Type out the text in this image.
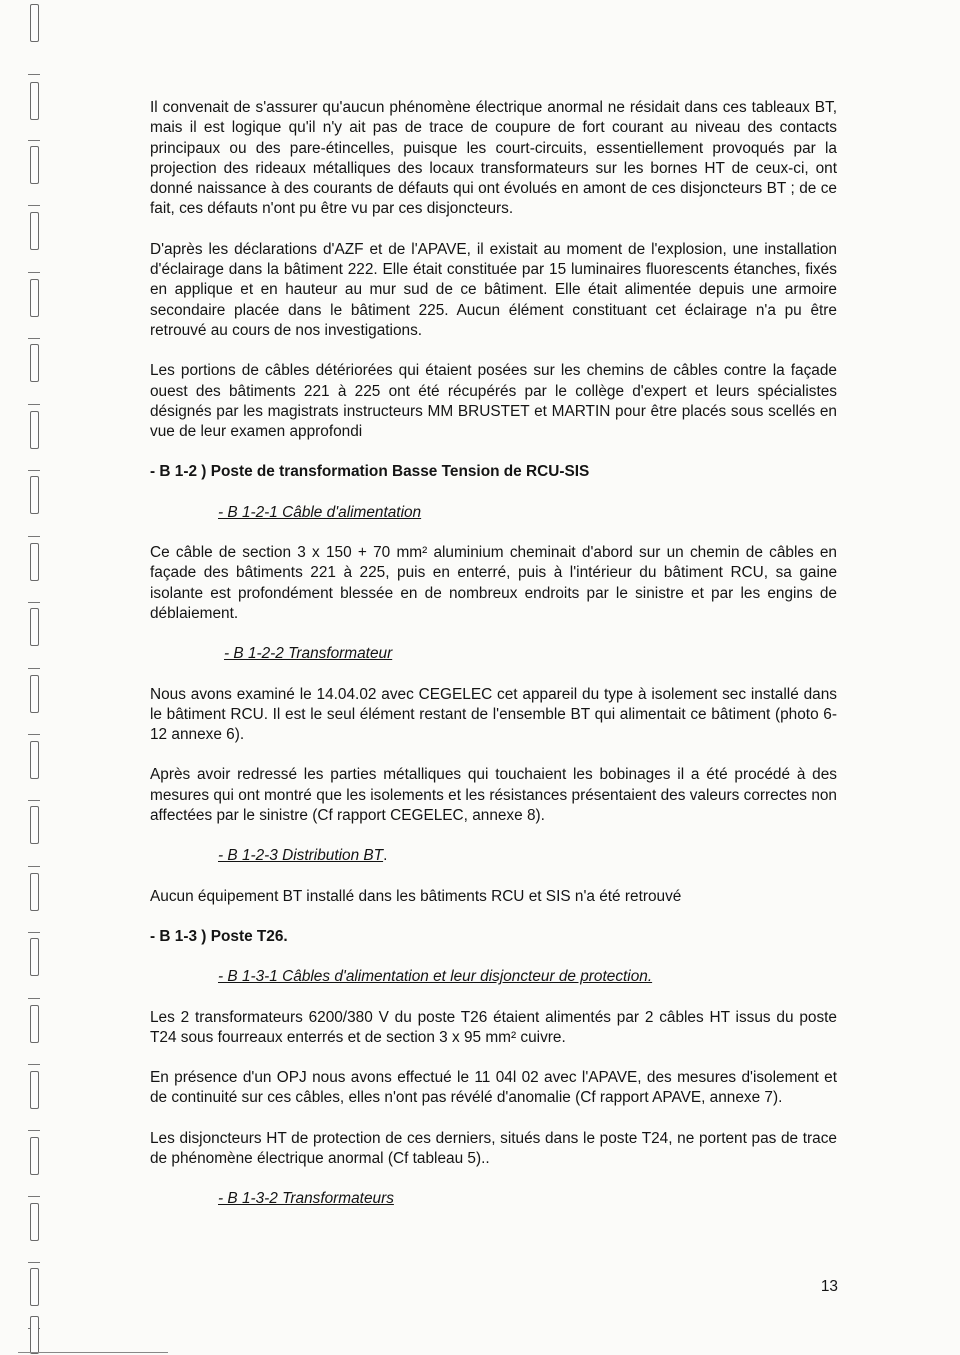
Il convenait de s'assurer qu'aucun phénomène électrique anormal ne résidait dans ces tableaux BT, mais il est logique qu'il n'y ait pas de trace de coupure de fort courant au niveau des contacts principaux ou des pare-étincelles, puisque les court-circuits, essentiellement provoqués par la projection des rideaux métalliques des locaux transformateurs sur les bornes HT de ceux-ci, ont donné naissance à des courants de défauts qui ont évolués en amont de ces disjoncteurs BT ; de ce fait, ces défauts n'ont pu être vu par ces disjoncteurs.

D'après les déclarations d'AZF et de l'APAVE, il existait au moment de l'explosion, une installation d'éclairage dans la bâtiment 222. Elle était constituée par 15 luminaires fluorescents étanches, fixés en applique et en hauteur au mur sud de ce bâtiment. Elle était alimentée depuis une armoire secondaire placée dans le bâtiment 225. Aucun élément constituant cet éclairage n'a pu être retrouvé au cours de nos investigations.

Les portions de câbles détériorées qui étaient posées sur les chemins de câbles contre la façade ouest des bâtiments 221 à 225 ont été récupérés par le collège d'expert et leurs spécialistes désignés par les magistrats instructeurs MM BRUSTET et MARTIN pour être placés sous scellés en vue de leur examen approfondi

- B 1-2 ) Poste de transformation Basse Tension de RCU-SIS

- B 1-2-1 Câble d'alimentation

Ce câble de section 3 x 150 + 70 mm² aluminium cheminait d'abord sur un chemin de câbles en façade des bâtiments 221 à 225, puis en enterré, puis à l'intérieur du bâtiment RCU, sa gaine isolante est profondément blessée en de nombreux endroits par le sinistre et par les engins de déblaiement.

- B 1-2-2 Transformateur

Nous avons examiné le 14.04.02 avec CEGELEC cet appareil du type à isolement sec installé dans le bâtiment RCU. Il est le seul élément restant de l'ensemble BT qui alimentait ce bâtiment (photo 6-12 annexe 6).

Après avoir redressé les parties métalliques qui touchaient les bobinages il a été procédé à des mesures qui ont montré que les isolements et les résistances présentaient des valeurs correctes non affectées par le sinistre (Cf rapport CEGELEC, annexe 8).

- B 1-2-3 Distribution BT.

Aucun équipement BT installé dans les bâtiments RCU et SIS n'a été retrouvé

- B 1-3 ) Poste T26.

- B 1-3-1 Câbles d'alimentation et leur disjoncteur de protection.

Les 2 transformateurs 6200/380 V du poste T26 étaient alimentés par 2 câbles HT issus du poste T24 sous fourreaux enterrés et de section 3 x 95 mm² cuivre.

En présence d'un OPJ nous avons effectué le 11 04l 02 avec l'APAVE, des mesures d'isolement et de continuité sur ces câbles, elles n'ont pas révélé d'anomalie (Cf rapport APAVE, annexe 7).

Les disjoncteurs HT de protection de ces derniers, situés dans le poste T24, ne portent pas de trace de phénomène électrique anormal (Cf tableau 5)..

- B 1-3-2 Transformateurs

13
